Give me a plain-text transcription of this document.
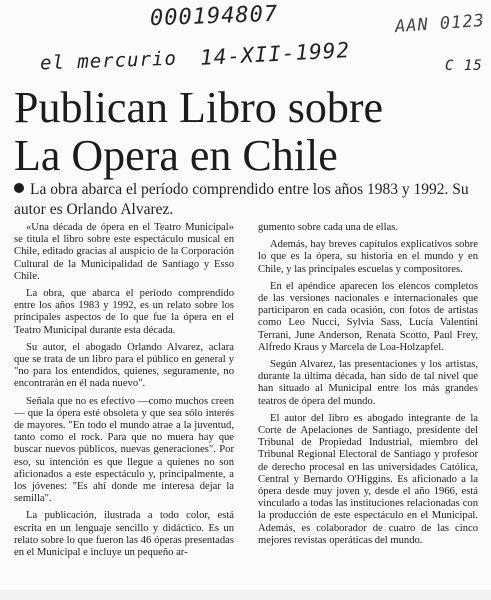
000194807	AAN 0123
el mercurio 14-XII-1992	C 15
Publican Libro sobre
La Opera en Chile
La obra abarca el período comprendido entre los años 1983 y 1992. Su autor es Orlando Alvarez.

«Una década de ópera en el Teatro Municipal» se titula el libro sobre este espectáculo musical en Chile, editado gracias al auspicio de la Corporación Cultural de la Municipalidad de Santiago y Esso Chile.

La obra, que abarca el período comprendido entre los años 1983 y 1992, es un relato sobre los principales aspectos de lo que fue la ópera en el Teatro Municipal durante esta década.

Su autor, el abogado Orlando Alvarez, aclara que se trata de un libro para el público en general y "no para los entendidos, quienes, seguramente, no encontrarán en él nada nuevo".

Señala que no es efectivo —como muchos creen— que la ópera esté obsoleta y que sea sólo interés de mayores. "En todo el mundo atrae a la juventud, tanto como el rock. Para que no muera hay que buscar nuevos públicos, nuevas generaciones". Por eso, su intención es que llegue a quienes no son aficionados a este espectáculo y, principalmente, a los jóvenes: "Es ahí donde me interesa dejar la semilla".

La publicación, ilustrada a todo color, está escrita en un lenguaje sencillo y didáctico. Es un relato sobre lo que fueron las 46 óperas presentadas en el Municipal e incluye un pequeño ar-

gumento sobre cada una de ellas.

Además, hay breves capítulos explicativos sobre lo que es la ópera, su historia en el mundo y en Chile, y las principales escuelas y compositores.

En el apéndice aparecen los elencos completos de las versiones nacionales e internacionales que participaron en cada ocasión, con fotos de artistas como Leo Nucci, Sylvia Sass, Lucía Valentini Terrani, June Anderson, Renata Scotto, Paul Frey, Alfredo Kraus y Marcela de Loa-Holzapfel.

Según Alvarez, las presentaciones y los artistas, durante la última década, han sido de tal nivel que han situado al Municipal entre los más grandes teatros de ópera del mundo.

El autor del libro es abogado integrante de la Corte de Apelaciones de Santiago, presidente del Tribunal de Propiedad Industrial, miembro del Tribunal Regional Electoral de Santiago y profesor de derecho procesal en las universidades Católica, Central y Bernardo O'Higgins. Es aficionado a la ópera desde muy joven y, desde el año 1966, está vinculado a todas las instituciones relacionadas con la producción de este espectáculo en el Municipal. Además, es colaborador de cuatro de las cinco mejores revistas operáticas del mundo.
